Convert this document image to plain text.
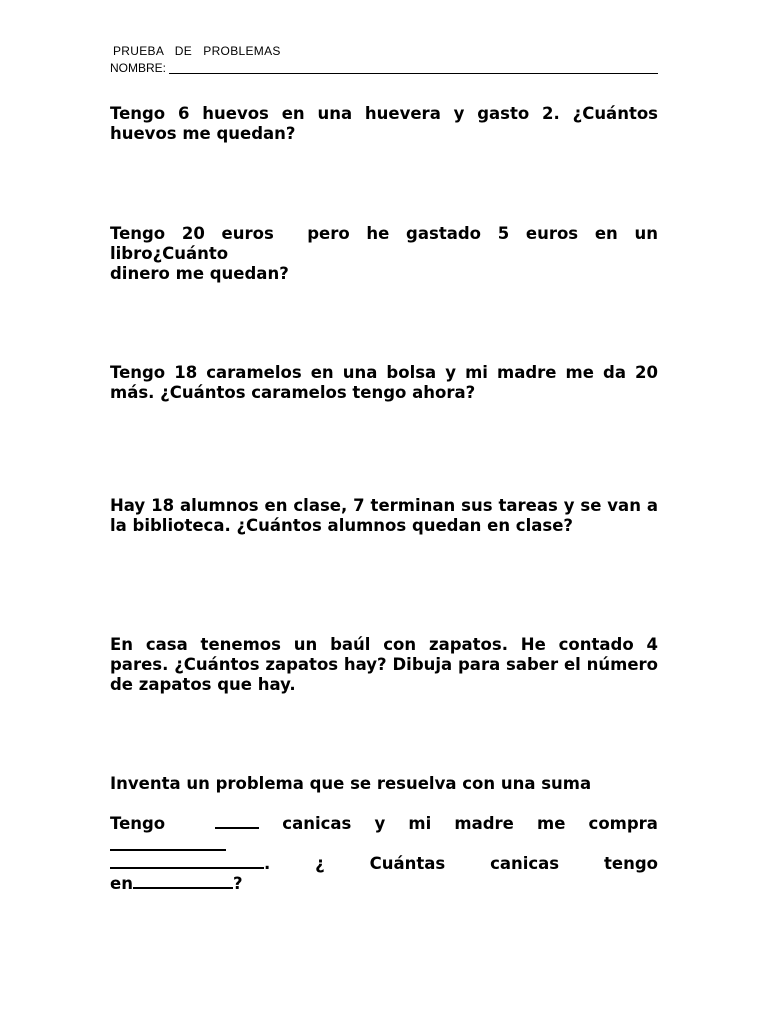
PRUEBA  DE  PROBLEMAS
NOMBRE:

Tengo 6 huevos en una huevera y gasto 2. ¿Cuántos huevos me quedan?

Tengo 20 euros  pero he gastado 5 euros en un
libro¿Cuánto
dinero me quedan?

Tengo 18 caramelos en una bolsa y mi madre me da 20 más. ¿Cuántos caramelos tengo ahora?

Hay 18 alumnos en clase, 7 terminan sus tareas y se van a la biblioteca. ¿Cuántos alumnos quedan en clase?

En casa tenemos un baúl con zapatos. He contado 4 pares. ¿Cuántos zapatos hay? Dibuja para saber el número de zapatos que hay.

Inventa un problema que se resuelva con una suma

Tengo	canicas y mi madre me compra
.	¿	Cuántas	canicas	tengo
en	?
